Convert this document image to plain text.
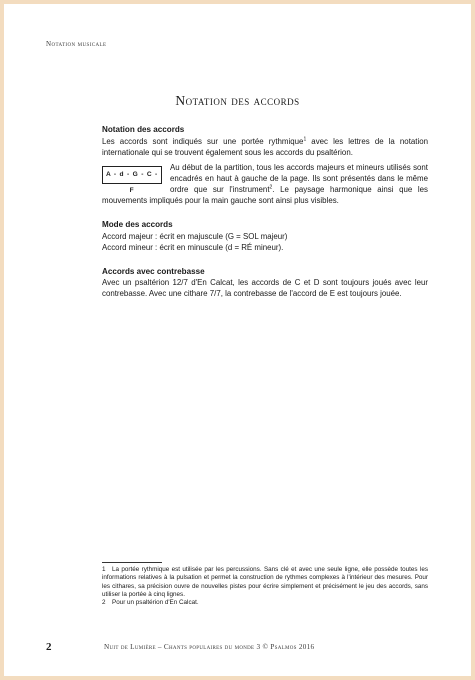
Notation musicale
Notation des accords
Notation des accords

Les accords sont indiqués sur une portée rythmique$^1$ avec les lettres de la notation internationale qui se trouvent également sous les accords du psaltérion.

A - d - G - C - F

Au début de la partition, tous les accords majeurs et mineurs utilisés sont encadrés en haut à gauche de la page. Ils sont présentés dans le même ordre que sur l'instrument$^2$. Le paysage harmonique ainsi que les mouvements impliqués pour la main gauche sont ainsi plus visibles.

Mode des accords

Accord majeur : écrit en majuscule (G = SOL majeur)

Accord mineur : écrit en minuscule (d = RÉ mineur).

Accords avec contrebasse

Avec un psaltérion 12/7 d'En Calcat, les accords de C et D sont toujours joués avec leur contrebasse. Avec une cithare 7/7, la contrebasse de l'accord de E est toujours jouée.

1 La portée rythmique est utilisée par les percussions. Sans clé et avec une seule ligne, elle possède toutes les informations relatives à la pulsation et permet la construction de rythmes complexes à l'intérieur des mesures. Pour les cithares, sa précision ouvre de nouvelles pistes pour écrire simplement et précisément le jeu des accords, sans utiliser la portée à cinq lignes.

2 Pour un psaltérion d'En Calcat.

2	Nuit de Lumière – Chants populaires du monde 3 © Psalmos 2016
